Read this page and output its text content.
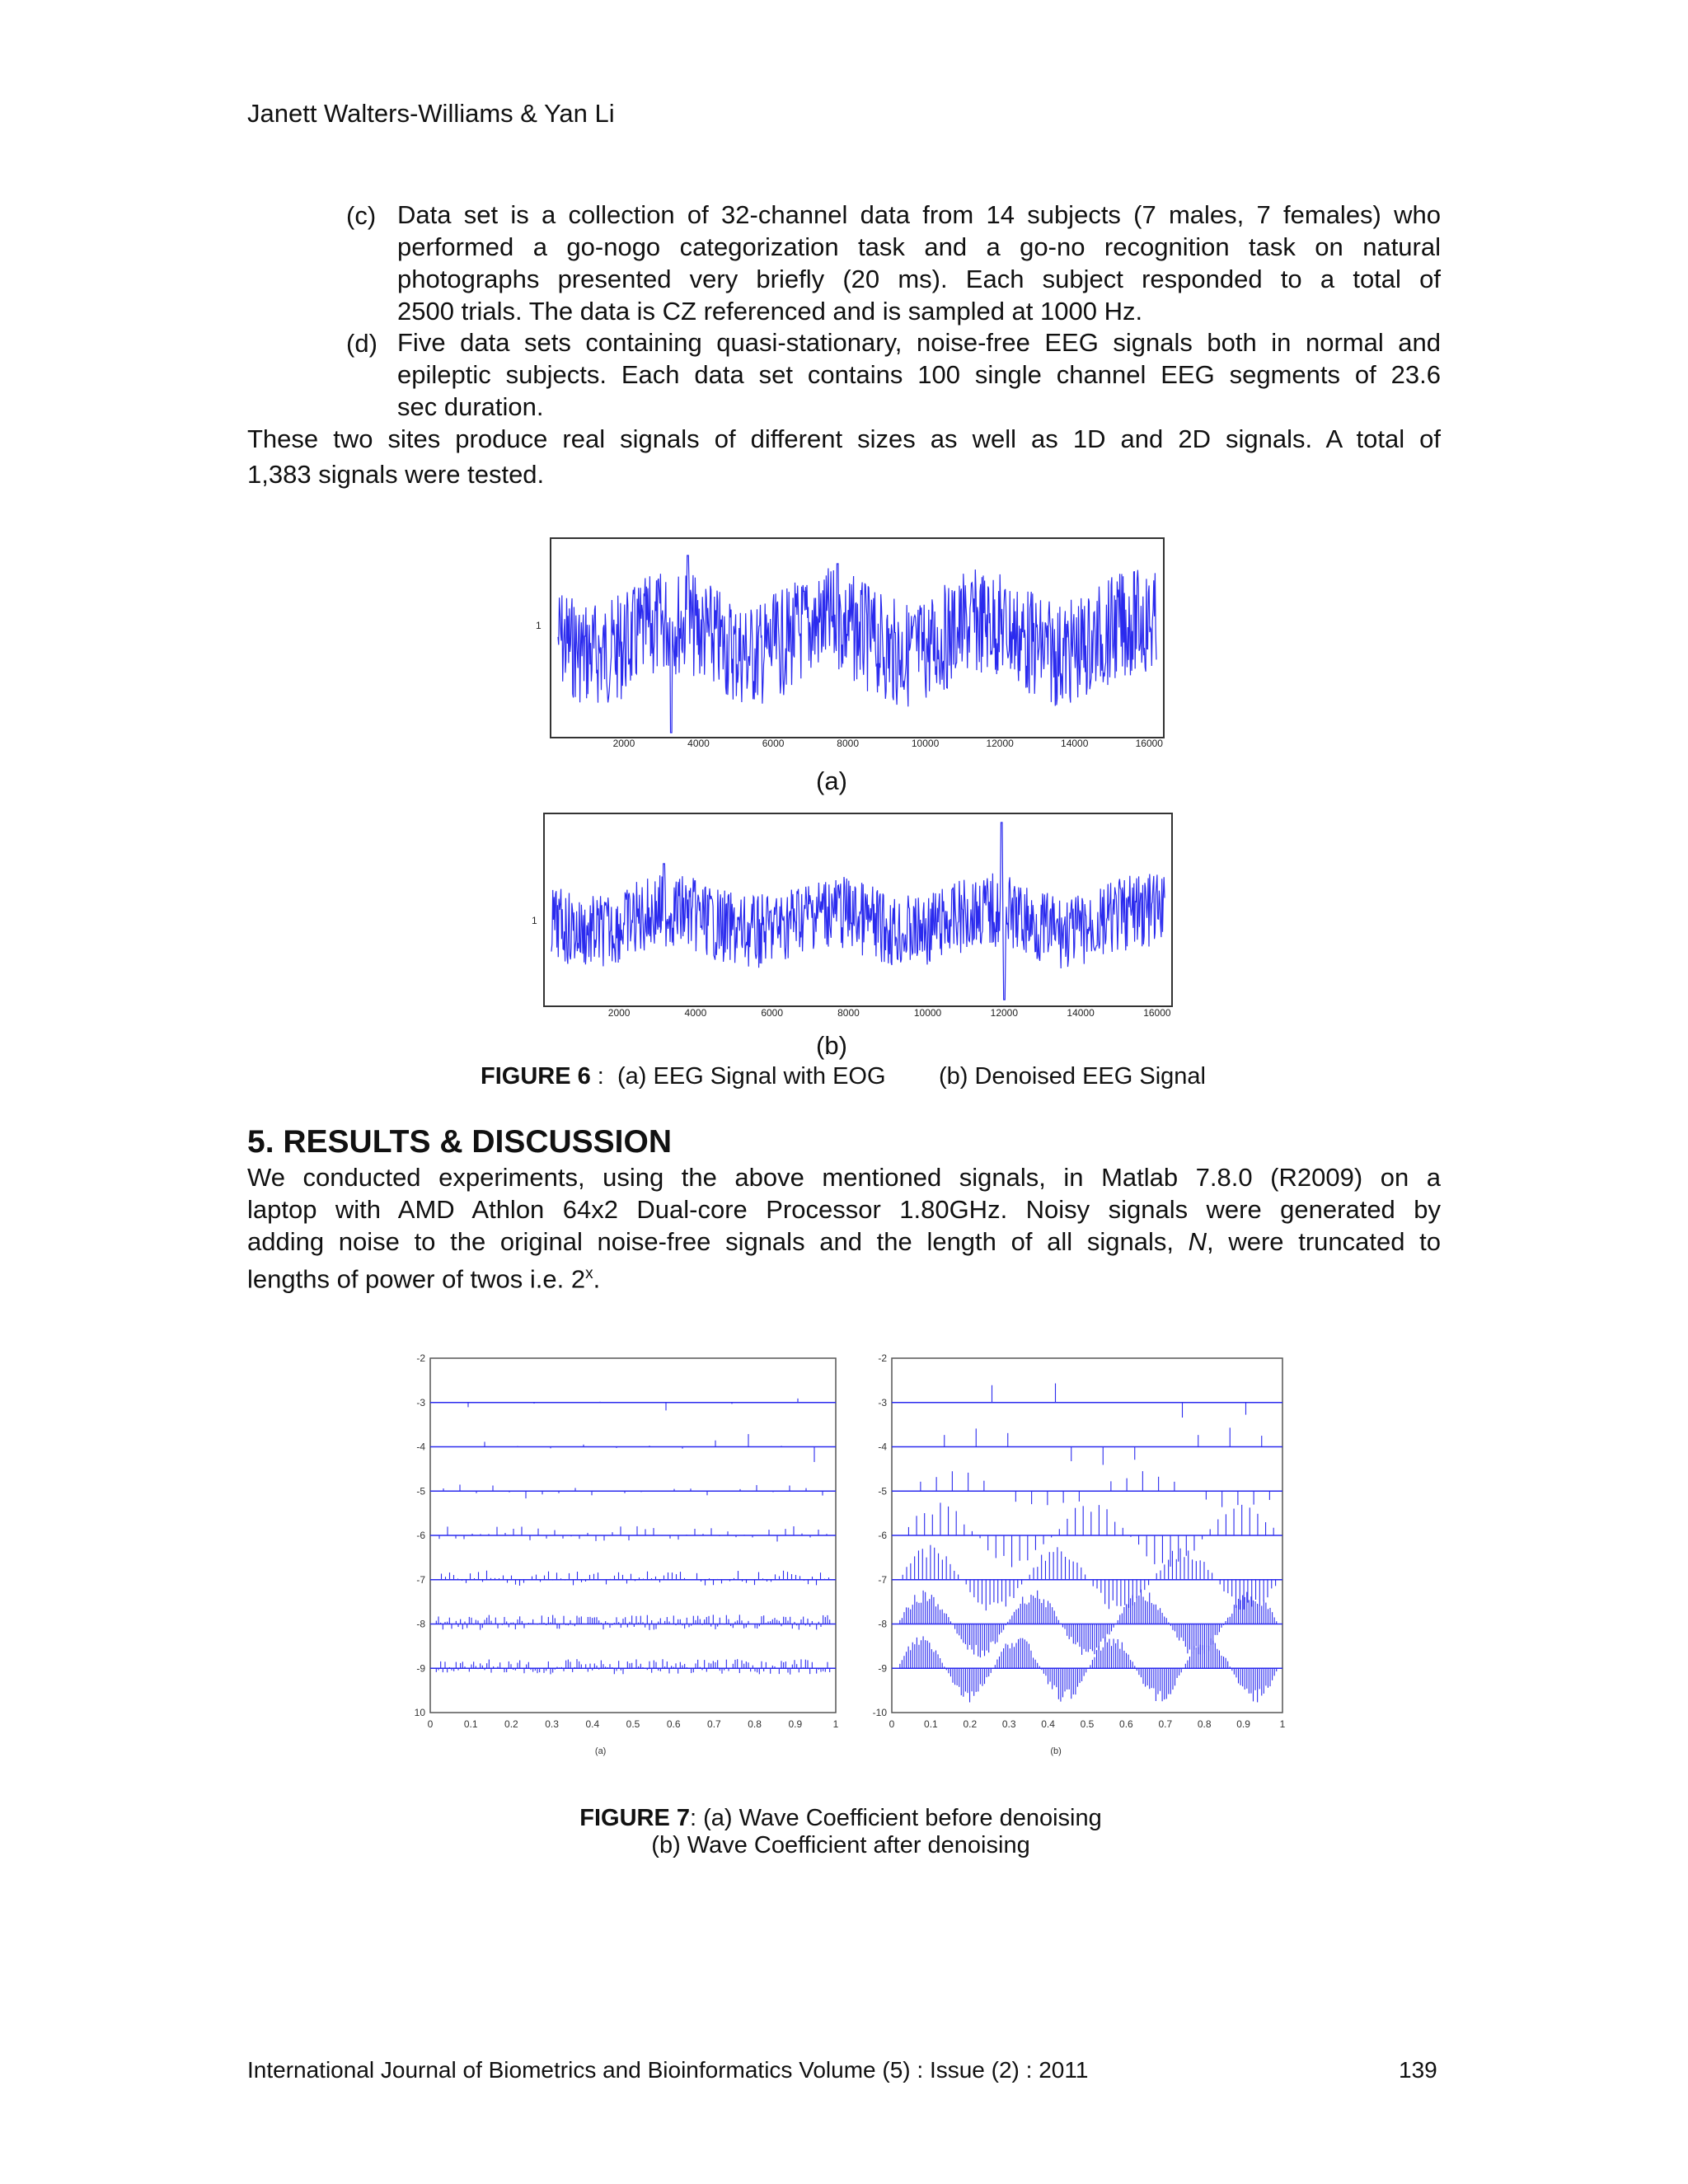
Janett Walters-Williams & Yan Li
(c) Data set is a collection of 32-channel data from 14 subjects (7 males, 7 females) who
performed a go-nogo categorization task and a go-no recognition task on natural
photographs presented very briefly (20 ms). Each subject responded to a total of
2500 trials. The data is CZ referenced and is sampled at 1000 Hz.
(d) Five data sets containing quasi-stationary, noise-free EEG signals both in normal and
epileptic subjects. Each data set contains 100 single channel EEG segments of 23.6
sec duration.
These two sites produce real signals of different sizes as well as 1D and 2D signals. A total of
1,383 signals were tested.
1
2000	4000	6000	8000	10000	12000	14000	16000
(a)
1
2000	4000	6000	8000	10000	12000	14000	16000
(b)
FIGURE 6 :  (a) EEG Signal with EOG        (b) Denoised EEG Signal
5. RESULTS & DISCUSSION
We conducted experiments, using the above mentioned signals, in Matlab 7.8.0 (R2009) on a
laptop with AMD Athlon 64x2 Dual-core Processor 1.80GHz. Noisy signals were generated by
adding noise to the original noise-free signals and the length of all signals, N, were truncated to
lengths of power of twos i.e. 2$^x$.
-2
-3
-4
-5
-6
-7
-8
-9
10
0	0.1	0.2	0.3	0.4	0.5	0.6	0.7	0.8	0.9	1
(a)
-2
-3
-4
-5
-6
-7
-8
-9
-10
0	0.1	0.2	0.3	0.4	0.5	0.6	0.7	0.8	0.9	1
(b)
FIGURE 7: (a) Wave Coefficient before denoising
(b) Wave Coefficient after denoising
International Journal of Biometrics and Bioinformatics Volume (5) : Issue (2) : 2011	139
